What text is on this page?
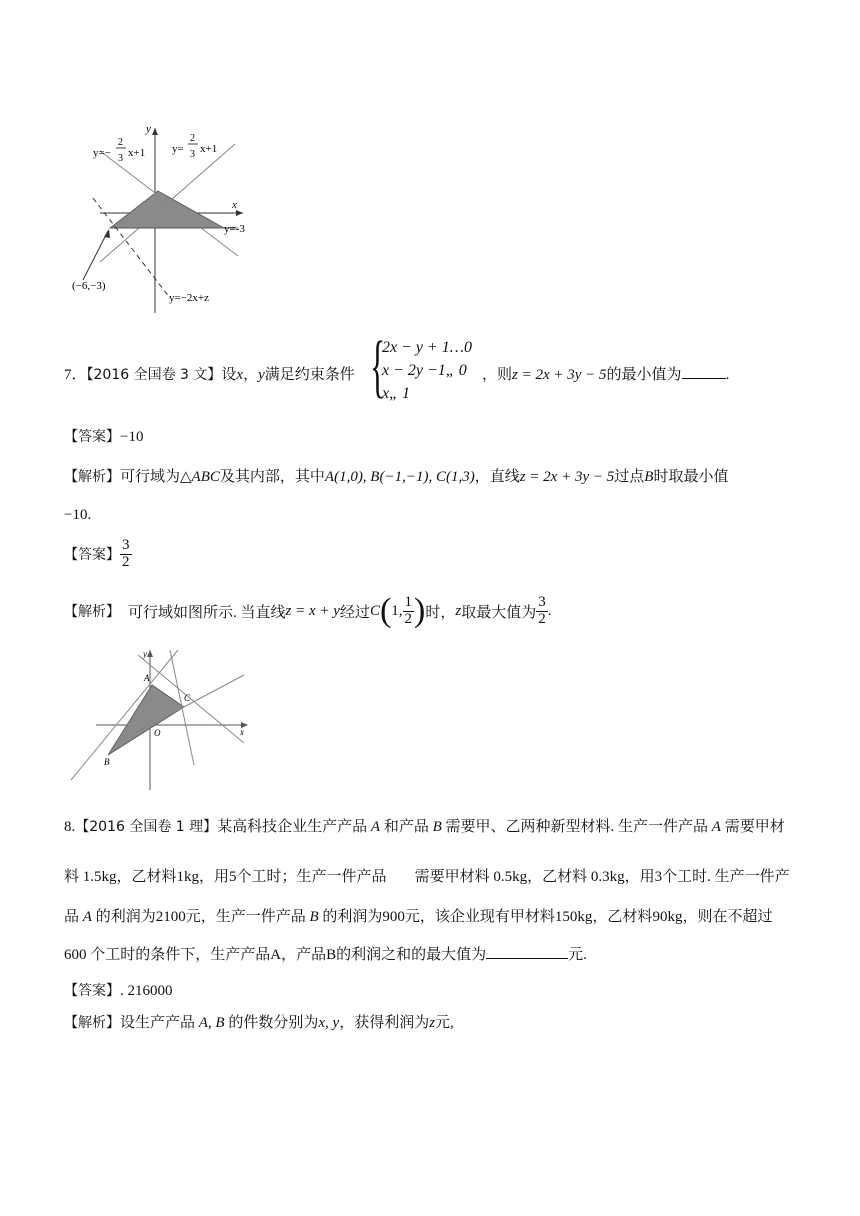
y
x
y=−
2
3 x+1 y=
2
3 x+1
y=-3
y=−2x+z
(−6,−3)
7．【2016 全国卷 3 文】设x，y满足约束条件 {
2x − y + 1…0
x − 2y −1„ 0
x„ 1
，则z = 2x + 3y − 5的最小值为	.
【答案】−10
【解析】可行域为△ABC及其内部，其中A(1,0), B(−1,−1), C(1,3)，直线z = 2x + 3y − 5过点B时取最小值
−10.
【答案】 $\frac{3}{2}$
【解析】 可行域如图所示. 当直线 z = x + y 经过 C ( 1, $\frac{1}{2}$ ) 时， z 取最大值为 $\frac{3}{2}$ .
y
x
A
B
C
O
8.【2016 全国卷 1 理】某高科技企业生产产品 A 和产品 B 需要甲、乙两种新型材料. 生产一件产品 A 需要甲材
料 1.5kg，乙材料1kg，用5个工时；生产一件产品 需要甲材料 0.5kg，乙材料 0.3kg，用3个工时. 生产一件产
品 A 的利润为2100元，生产一件产品 B 的利润为900元，该企业现有甲材料150kg，乙材料90kg，则在不超过
600 个工时的条件下，生产产品A，产品B的利润之和的最大值为	元.
【答案】. 216000
【解析】设生产产品 A, B 的件数分别为x, y，获得利润为z元,
